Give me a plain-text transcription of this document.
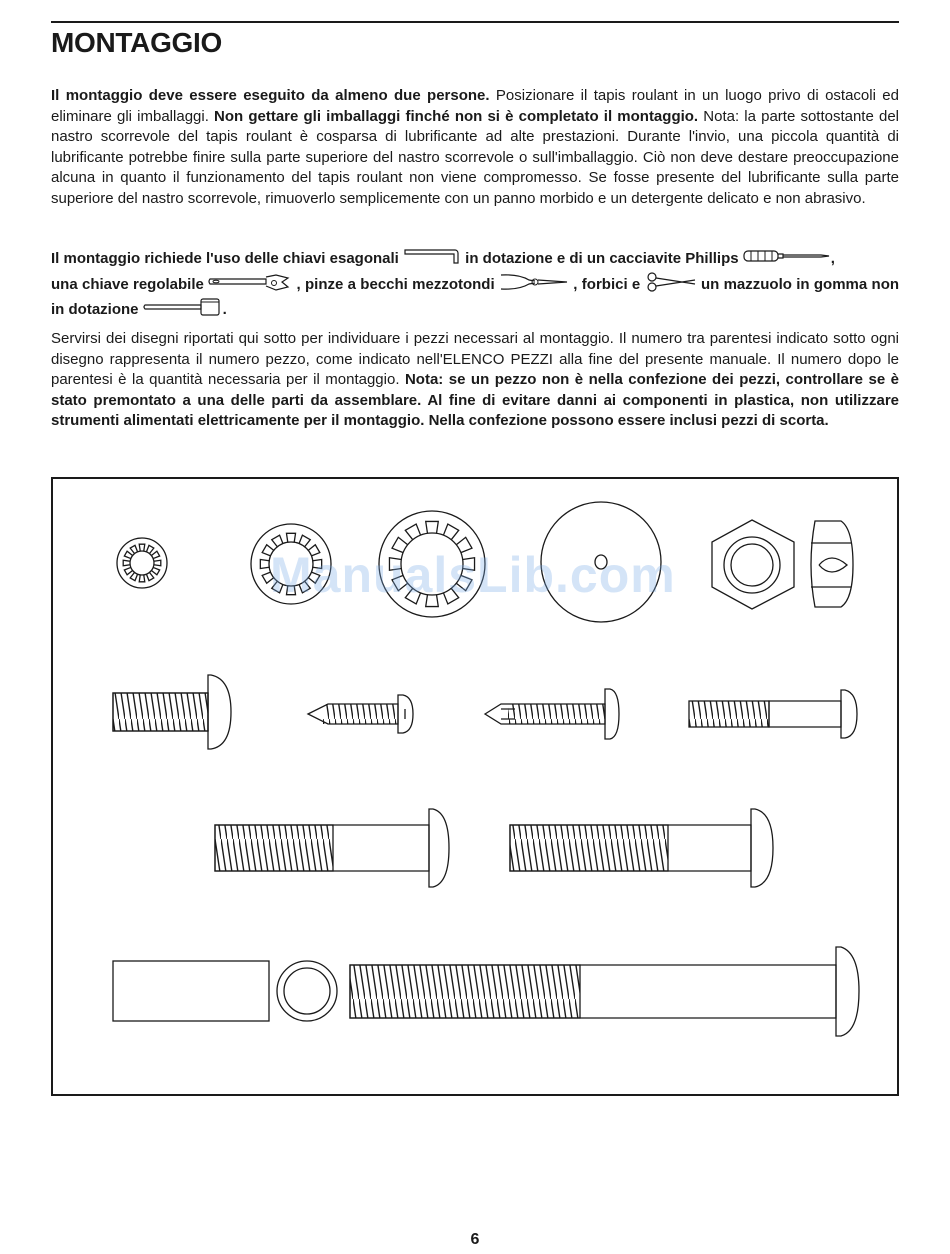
MONTAGGIO

Il montaggio deve essere eseguito da almeno due persone. Posizionare il tapis roulant in un luogo privo di ostacoli ed eliminare gli imballaggi. Non gettare gli imballaggi finché non si è completato il montaggio. Nota: la parte sottostante del nastro scorrevole del tapis roulant è cosparsa di lubrificante ad alte prestazioni. Durante l'invio, una piccola quantità di lubrificante potrebbe finire sulla parte superiore del nastro scorrevole o sull'imballaggio. Ciò non deve destare preoccupazione alcuna in quanto il funzionamento del tapis roulant non viene compromesso. Se fosse presente del lubrificante sulla parte superiore del nastro scorrevole, rimuoverlo semplicemente con un panno morbido e un detergente delicato e non abrasivo.

Il montaggio richiede l'uso delle chiavi esagonali	in dotazione e di un cacciavite Phillips	,
una chiave regolabile	, pinze a becchi mezzotondi	, forbici e	un mazzuolo in gomma non in dotazione	.

Servirsi dei disegni riportati qui sotto per individuare i pezzi necessari al montaggio. Il numero tra parentesi indicato sotto ogni disegno rappresenta il numero pezzo, come indicato nell'ELENCO PEZZI alla fine del presente manuale. Il numero dopo le parentesi è la quantità necessaria per il montaggio. Nota: se un pezzo non è nella confezione dei pezzi, controllare se è stato premontato a una delle parti da assemblare. Al fine di evitare danni ai componenti in plastica, non utilizzare strumenti alimentati elettricamente per il montaggio. Nella confezione possono essere inclusi pezzi di scorta.

ManualsLib.com
6
